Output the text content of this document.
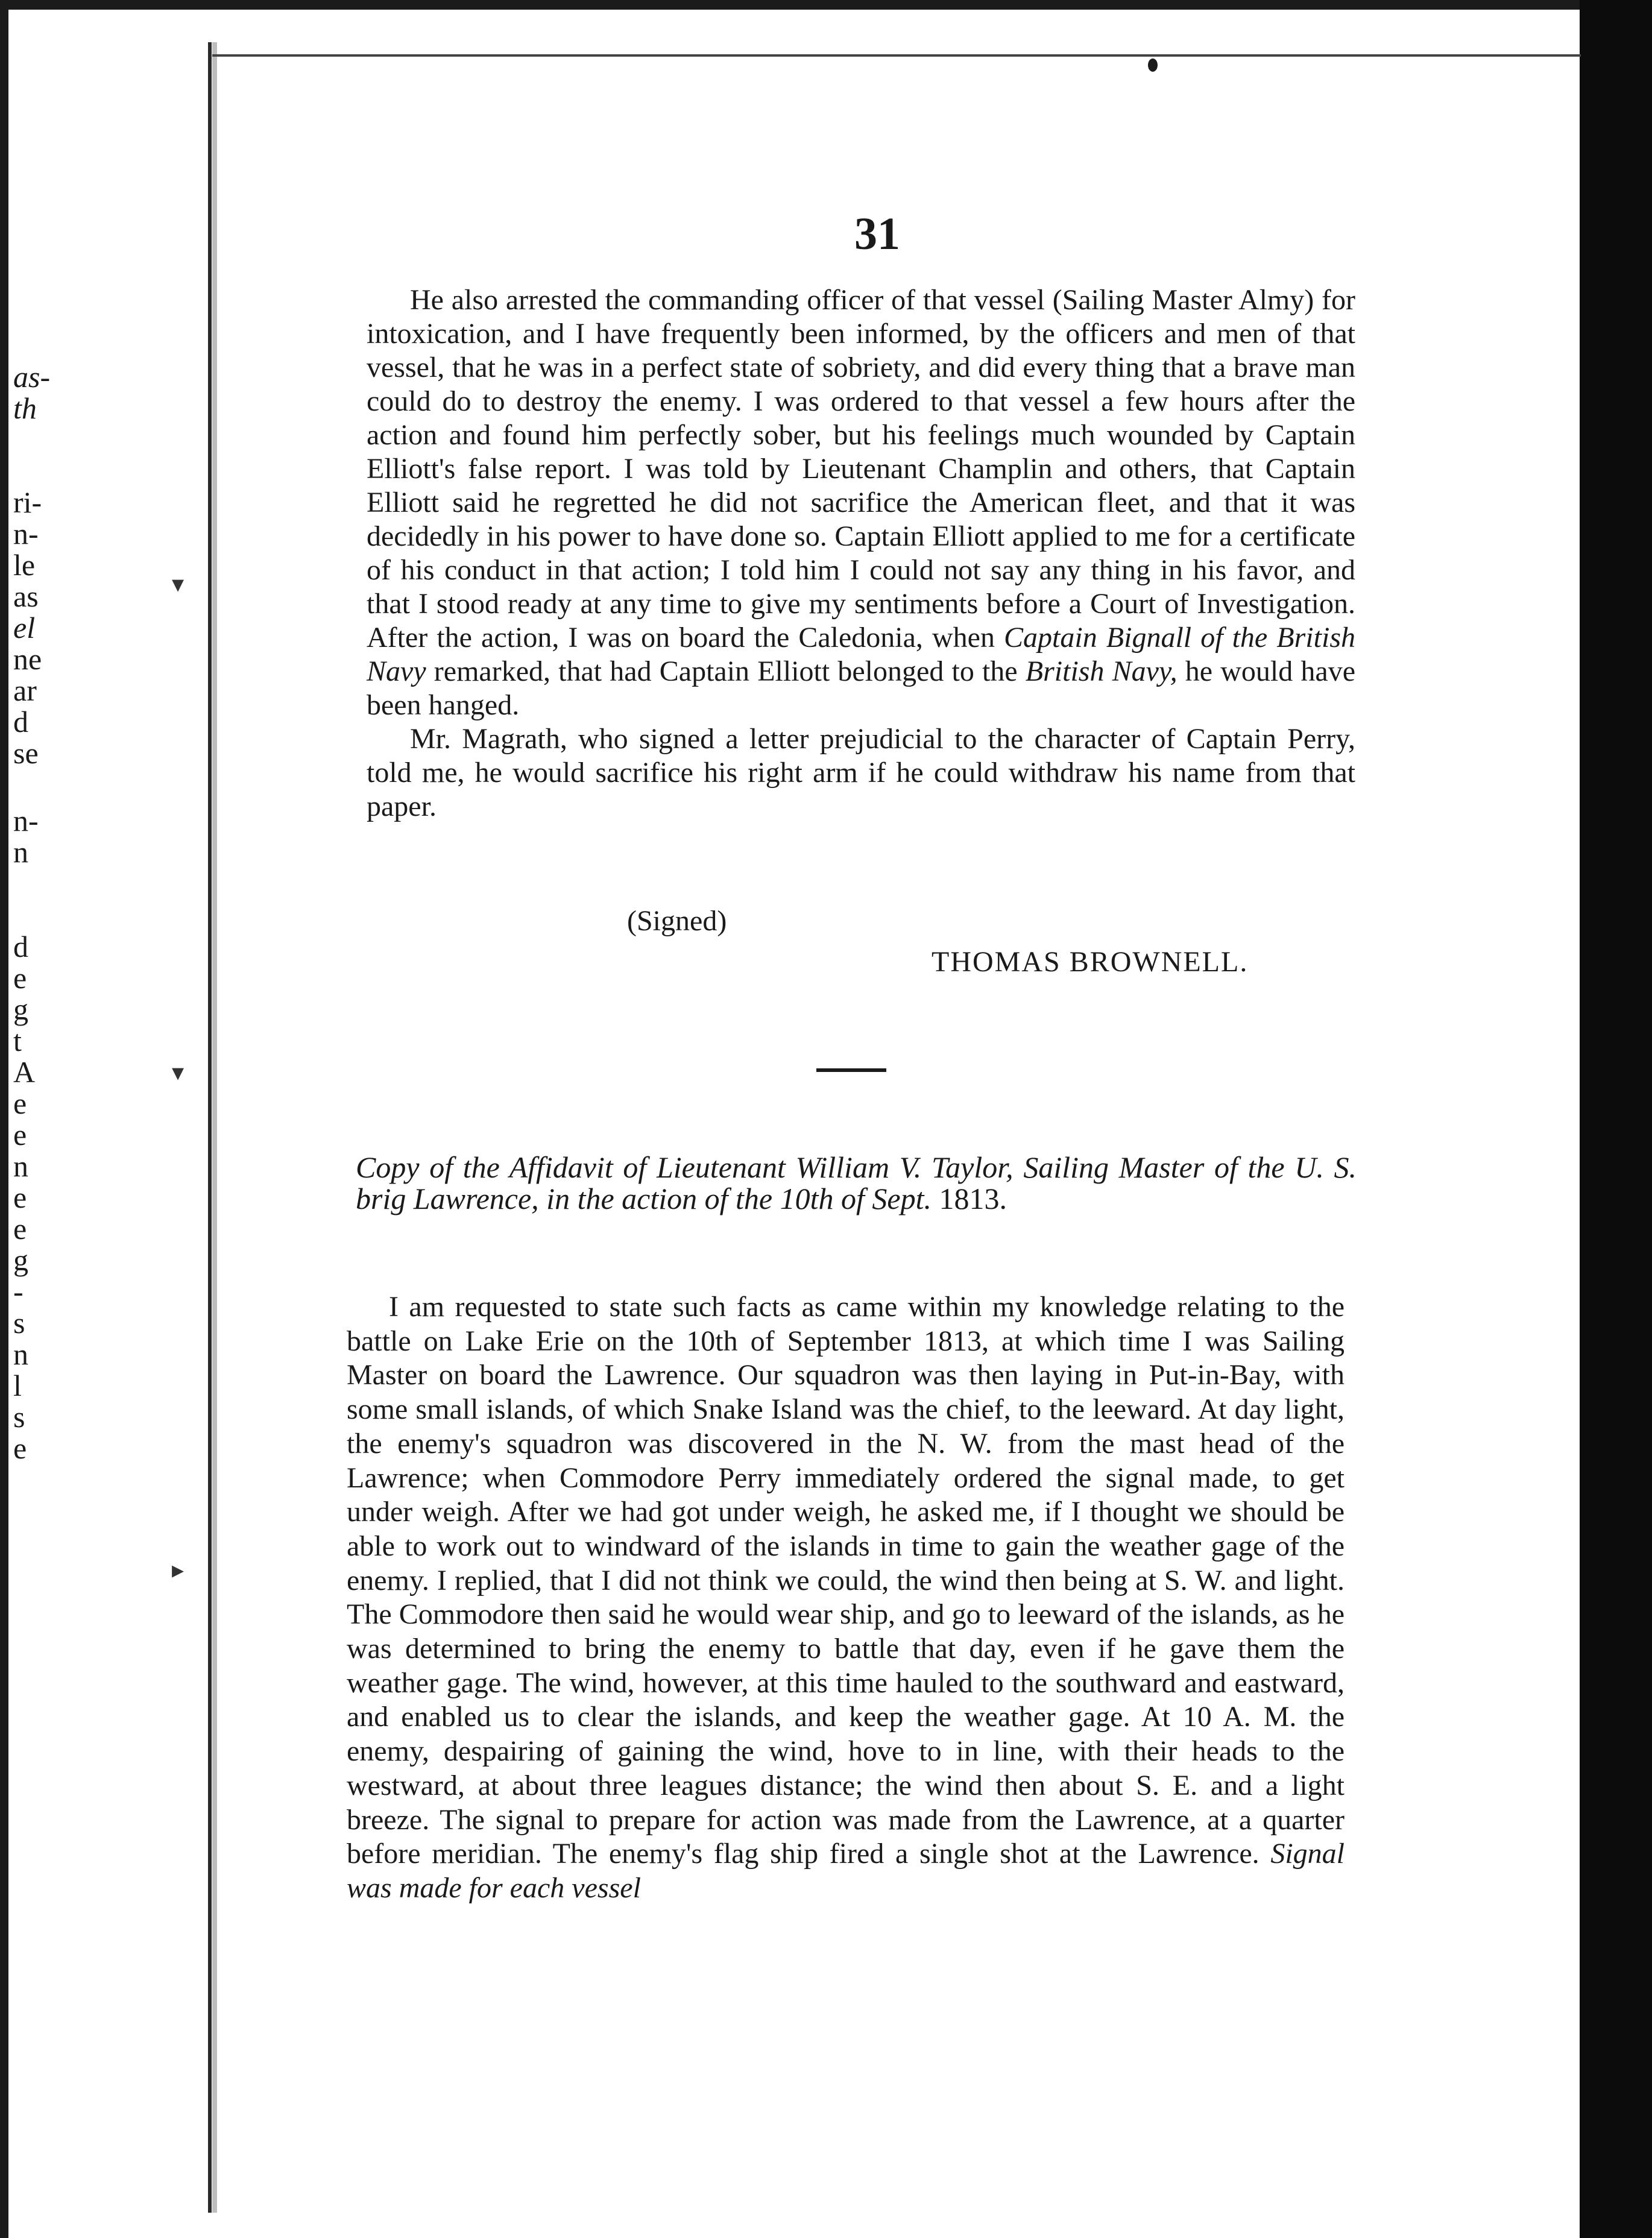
as-
th
ri-
n-
le
as
el
ne
ar
d
se
n-
n
d
e
g
t
A
e
e
n
e
e
g
-
s
n
l
s
e
▾
▾
▸
31

He also arrested the commanding officer of that vessel (Sailing Master Almy) for intoxication, and I have frequently been informed, by the officers and men of that vessel, that he was in a perfect state of sobriety, and did every thing that a brave man could do to destroy the enemy. I was ordered to that vessel a few hours after the action and found him perfectly sober, but his feelings much wounded by Captain Elliott's false report. I was told by Lieutenant Champlin and others, that Captain Elliott said he regretted he did not sacrifice the American fleet, and that it was decidedly in his power to have done so. Captain Elliott applied to me for a certificate of his conduct in that action; I told him I could not say any thing in his favor, and that I stood ready at any time to give my sentiments before a Court of Investigation. After the action, I was on board the Caledonia, when Captain Bignall of the British Navy remarked, that had Captain Elliott belonged to the British Navy, he would have been hanged.

Mr. Magrath, who signed a letter prejudicial to the character of Captain Perry, told me, he would sacrifice his right arm if he could withdraw his name from that paper.

(Signed)
THOMAS BROWNELL.
Copy of the Affidavit of Lieutenant William V. Taylor, Sailing Master of the U. S. brig Lawrence, in the action of the 10th of Sept. 1813.

I am requested to state such facts as came within my knowledge relating to the battle on Lake Erie on the 10th of September 1813, at which time I was Sailing Master on board the Lawrence. Our squadron was then laying in Put-in-Bay, with some small islands, of which Snake Island was the chief, to the leeward. At day light, the enemy's squadron was discovered in the N. W. from the mast head of the Lawrence; when Commodore Perry immediately ordered the signal made, to get under weigh. After we had got under weigh, he asked me, if I thought we should be able to work out to windward of the islands in time to gain the weather gage of the enemy. I replied, that I did not think we could, the wind then being at S. W. and light. The Commodore then said he would wear ship, and go to leeward of the islands, as he was determined to bring the enemy to battle that day, even if he gave them the weather gage. The wind, however, at this time hauled to the southward and eastward, and enabled us to clear the islands, and keep the weather gage. At 10 A. M. the enemy, despairing of gaining the wind, hove to in line, with their heads to the westward, at about three leagues distance; the wind then about S. E. and a light breeze. The signal to prepare for action was made from the Lawrence, at a quarter before meridian. The enemy's flag ship fired a single shot at the Lawrence. Signal was made for each vessel
